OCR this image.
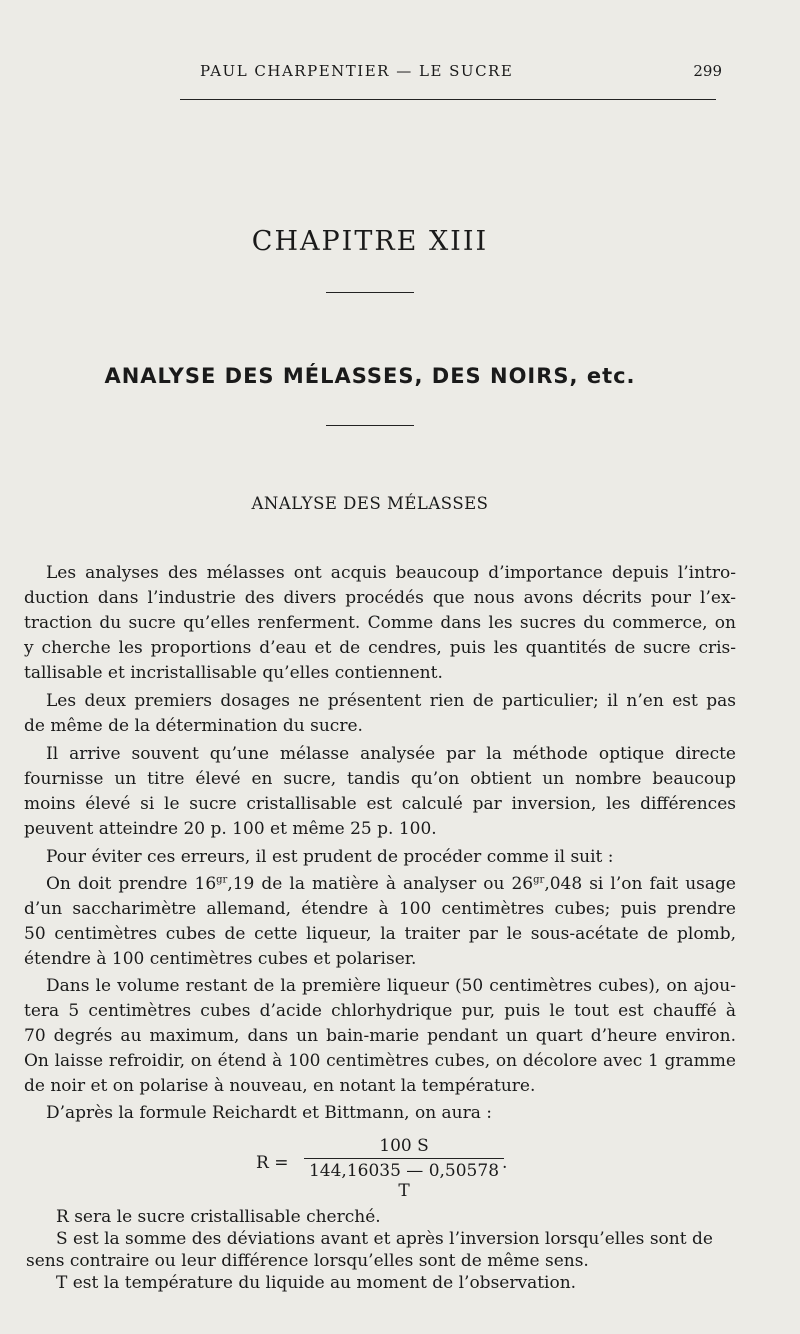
PAUL CHARPENTIER — LE SUCRE	299
CHAPITRE XIII
ANALYSE DES MÉLASSES, DES NOIRS, etc.
ANALYSE DES MÉLASSES
Les analyses des mélasses ont acquis beaucoup d’importance depuis l’intro-
duction dans l’industrie des divers procédés que nous avons décrits pour l’ex-
traction du sucre qu’elles renferment. Comme dans les sucres du commerce, on
y cherche les proportions d’eau et de cendres, puis les quantités de sucre cris-
tallisable et incristallisable qu’elles contiennent.
Les deux premiers dosages ne présentent rien de particulier; il n’en est pas
de même de la détermination du sucre.
Il arrive souvent qu’une mélasse analysée par la méthode optique directe
fournisse un titre élevé en sucre, tandis qu’on obtient un nombre beaucoup
moins élevé si le sucre cristallisable est calculé par inversion, les différences
peuvent atteindre 20 p. 100 et même 25 p. 100.
Pour éviter ces erreurs, il est prudent de procéder comme il suit :
On doit prendre $16^{gr},19$ de la matière à analyser ou $26^{gr},048$ si l’on fait usage
d’un saccharimètre allemand, étendre à 100 centimètres cubes; puis prendre
50 centimètres cubes de cette liqueur, la traiter par le sous-acétate de plomb,
étendre à 100 centimètres cubes et polariser.
Dans le volume restant de la première liqueur (50 centimètres cubes), on ajou-
tera 5 centimètres cubes d’acide chlorhydrique pur, puis le tout est chauffé à
70 degrés au maximum, dans un bain-marie pendant un quart d’heure environ.
On laisse refroidir, on étend à 100 centimètres cubes, on décolore avec 1 gramme
de noir et on polarise à nouveau, en notant la température.
D’après la formule Reichardt et Bittmann, on aura :
R =
100 S
144,16035 — 0,50578 T
.
R sera le sucre cristallisable cherché.
S est la somme des déviations avant et après l’inversion lorsqu’elles sont de
sens contraire ou leur différence lorsqu’elles sont de même sens.
T est la température du liquide au moment de l’observation.
